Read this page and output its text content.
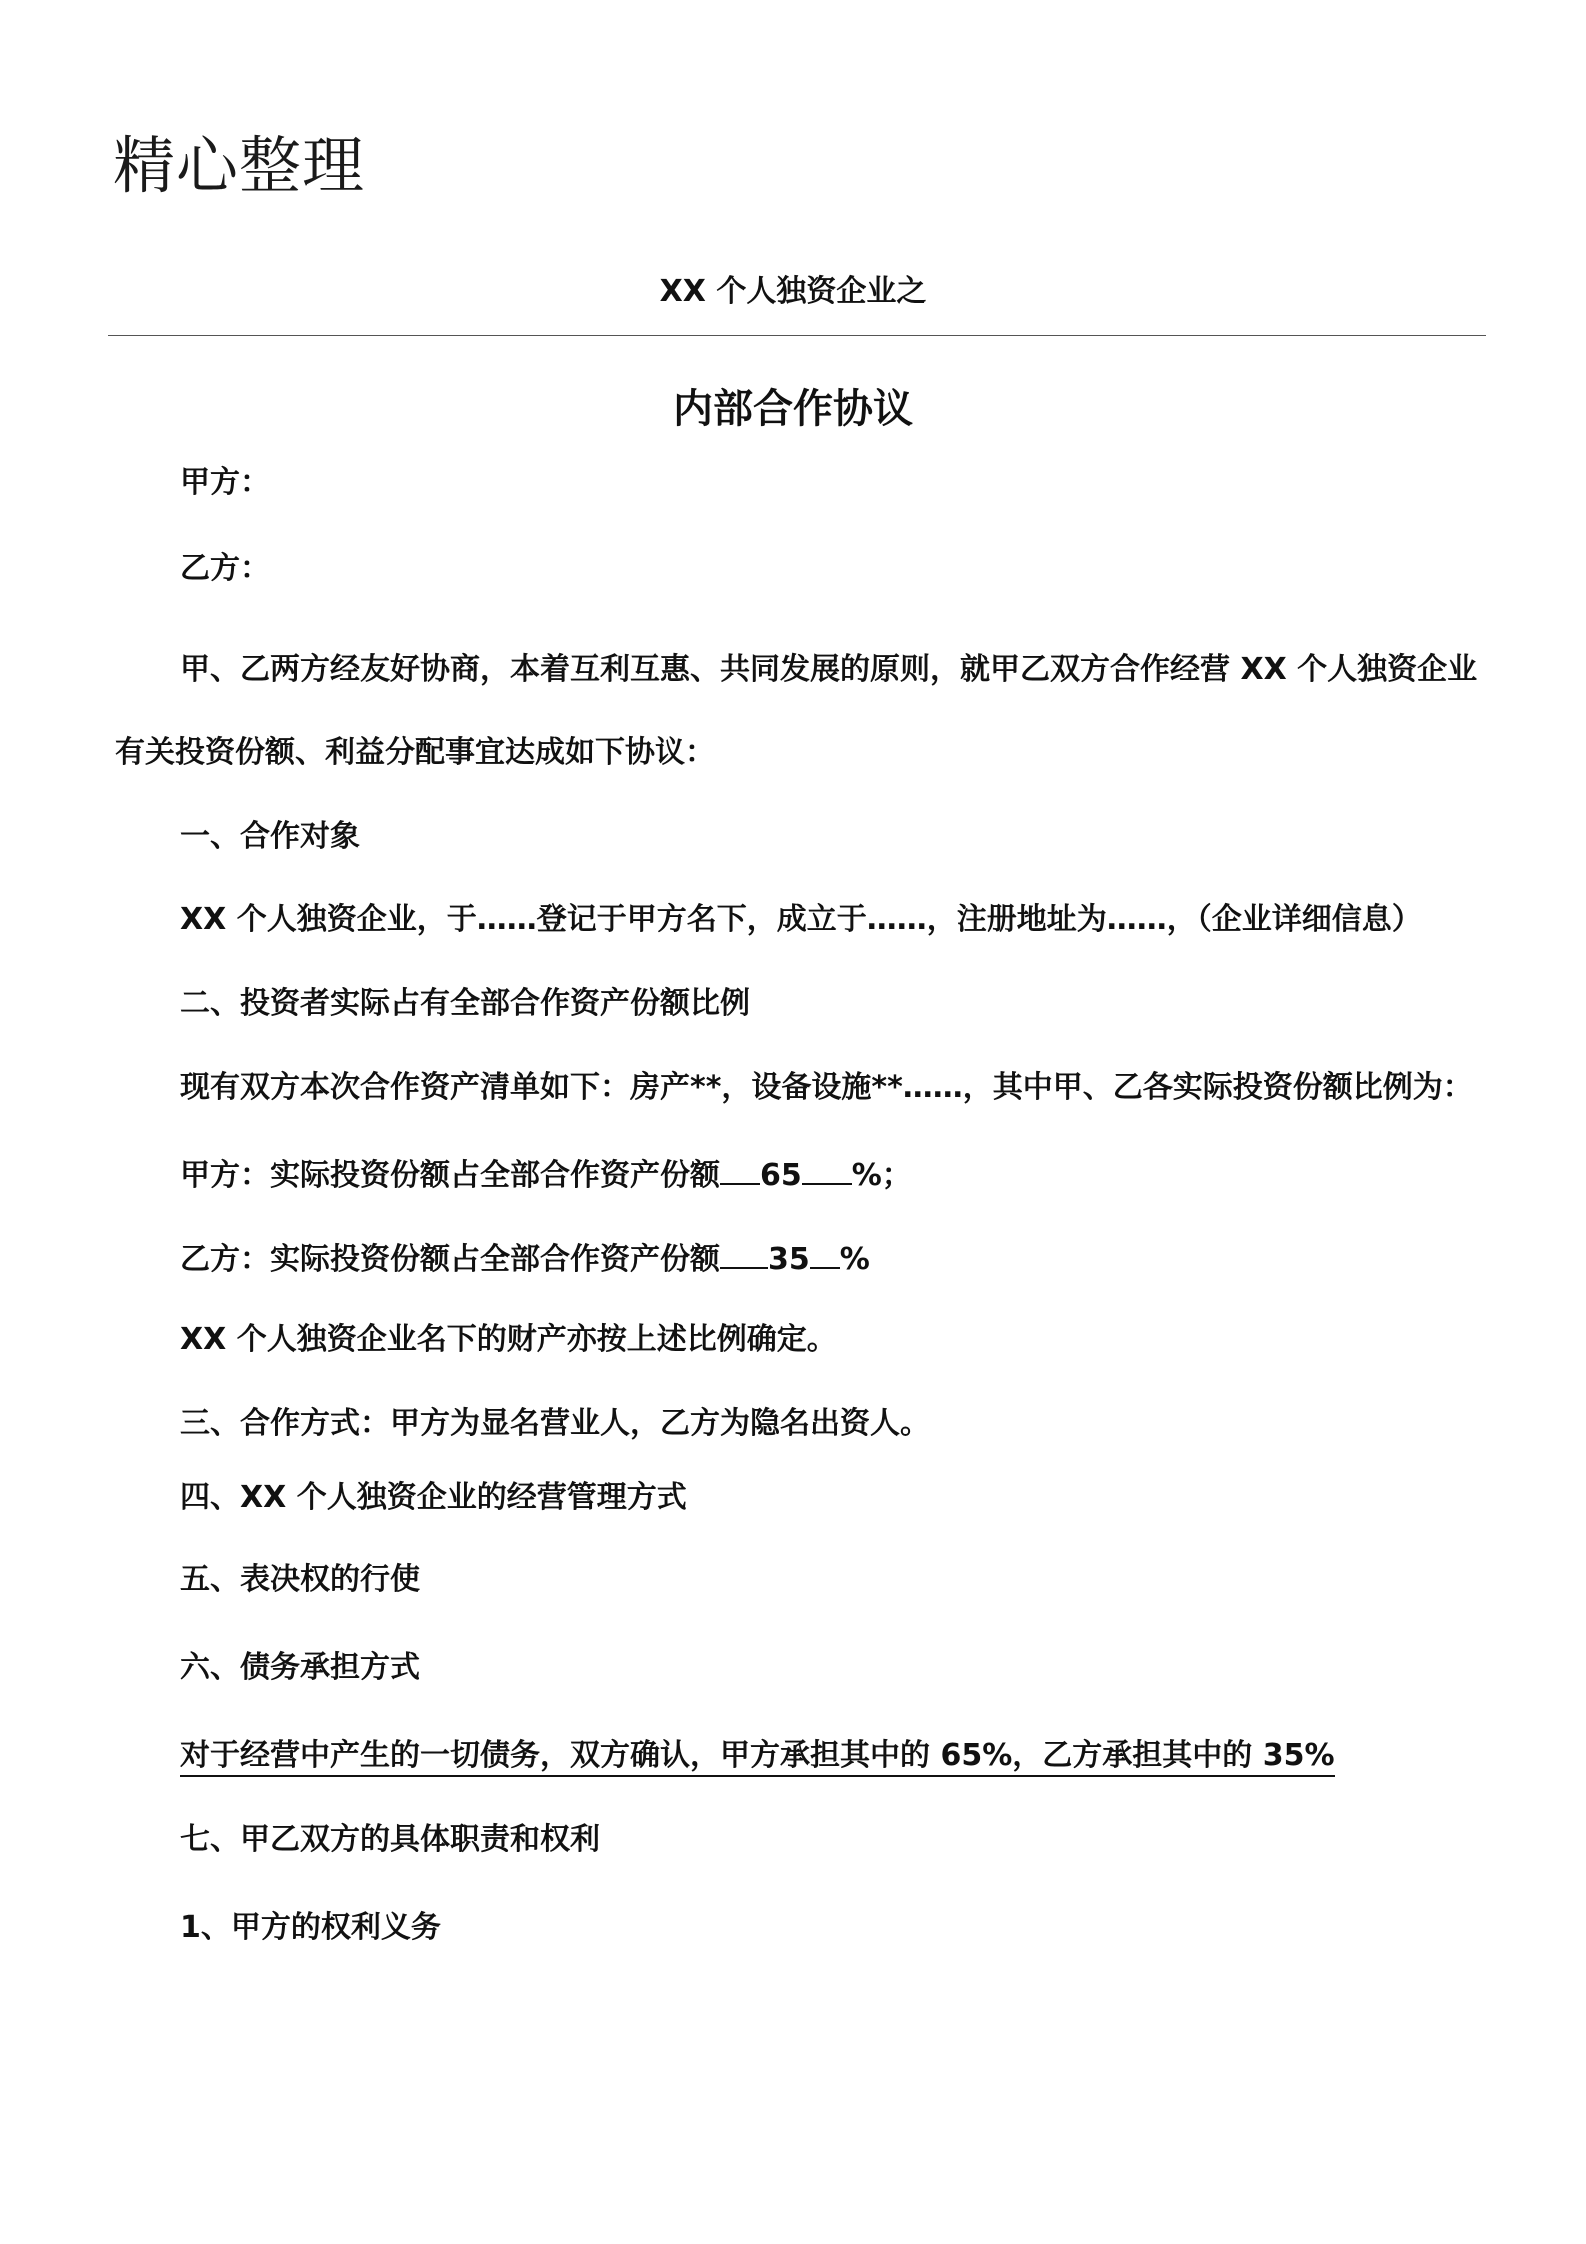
精心整理
XX 个人独资企业之
内部合作协议
甲方：
乙方：
甲、乙两方经友好协商，本着互利互惠、共同发展的原则，就甲乙双方合作经营 XX 个人独资企业
有关投资份额、利益分配事宜达成如下协议：
一、合作对象
XX 个人独资企业，于……登记于甲方名下，成立于……，注册地址为……，（企业详细信息）
二、投资者实际占有全部合作资产份额比例
现有双方本次合作资产清单如下：房产**，设备设施**……，其中甲、乙各实际投资份额比例为：
甲方：实际投资份额占全部合作资产份额 65 %；
乙方：实际投资份额占全部合作资产份额 35 %
XX 个人独资企业名下的财产亦按上述比例确定。
三、合作方式：甲方为显名营业人，乙方为隐名出资人。
四、XX 个人独资企业的经营管理方式
五、表决权的行使
六、债务承担方式
对于经营中产生的一切债务，双方确认，甲方承担其中的 65%，乙方承担其中的 35%
七、甲乙双方的具体职责和权利
1、甲方的权利义务
